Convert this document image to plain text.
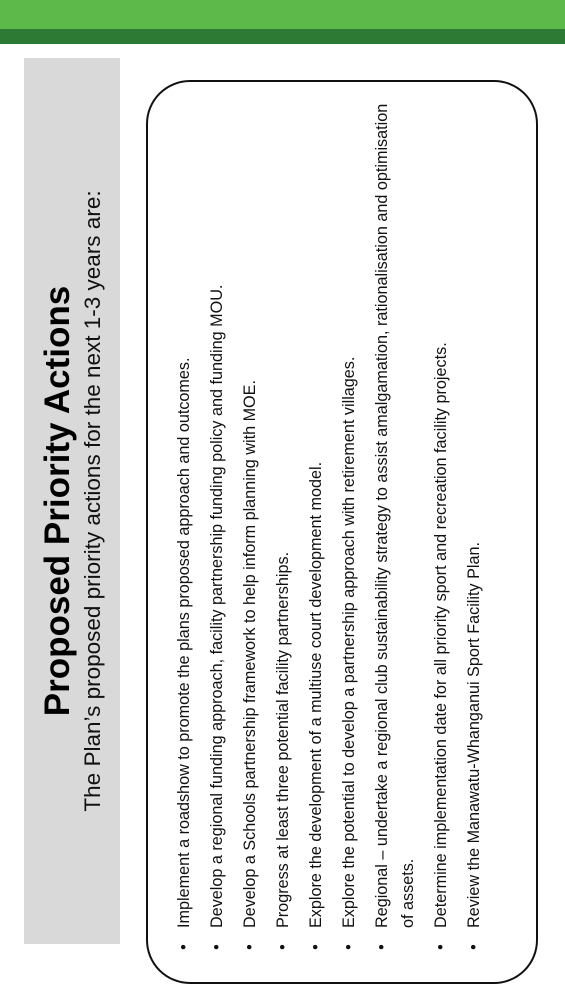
Proposed Priority Actions The Plan’s proposed priority actions for the next 1-3 years are:
•
Implement a roadshow to promote the plans proposed approach and outcomes.
•
Develop a regional funding approach, facility partnership funding policy and funding MOU.
•
Develop a Schools partnership framework to help inform planning with MOE.
•
Progress at least three potential facility partnerships.
•
Explore the development of a multiuse court development model.
•
Explore the potential to develop a partnership approach with retirement villages.
•
Regional – undertake a regional club sustainability strategy to assist amalgamation, rationalisation and optimisation of assets.
•
Determine implementation date for all priority sport and recreation facility projects.
•
Review the Manawatu-Whanganui Sport Facility Plan.
